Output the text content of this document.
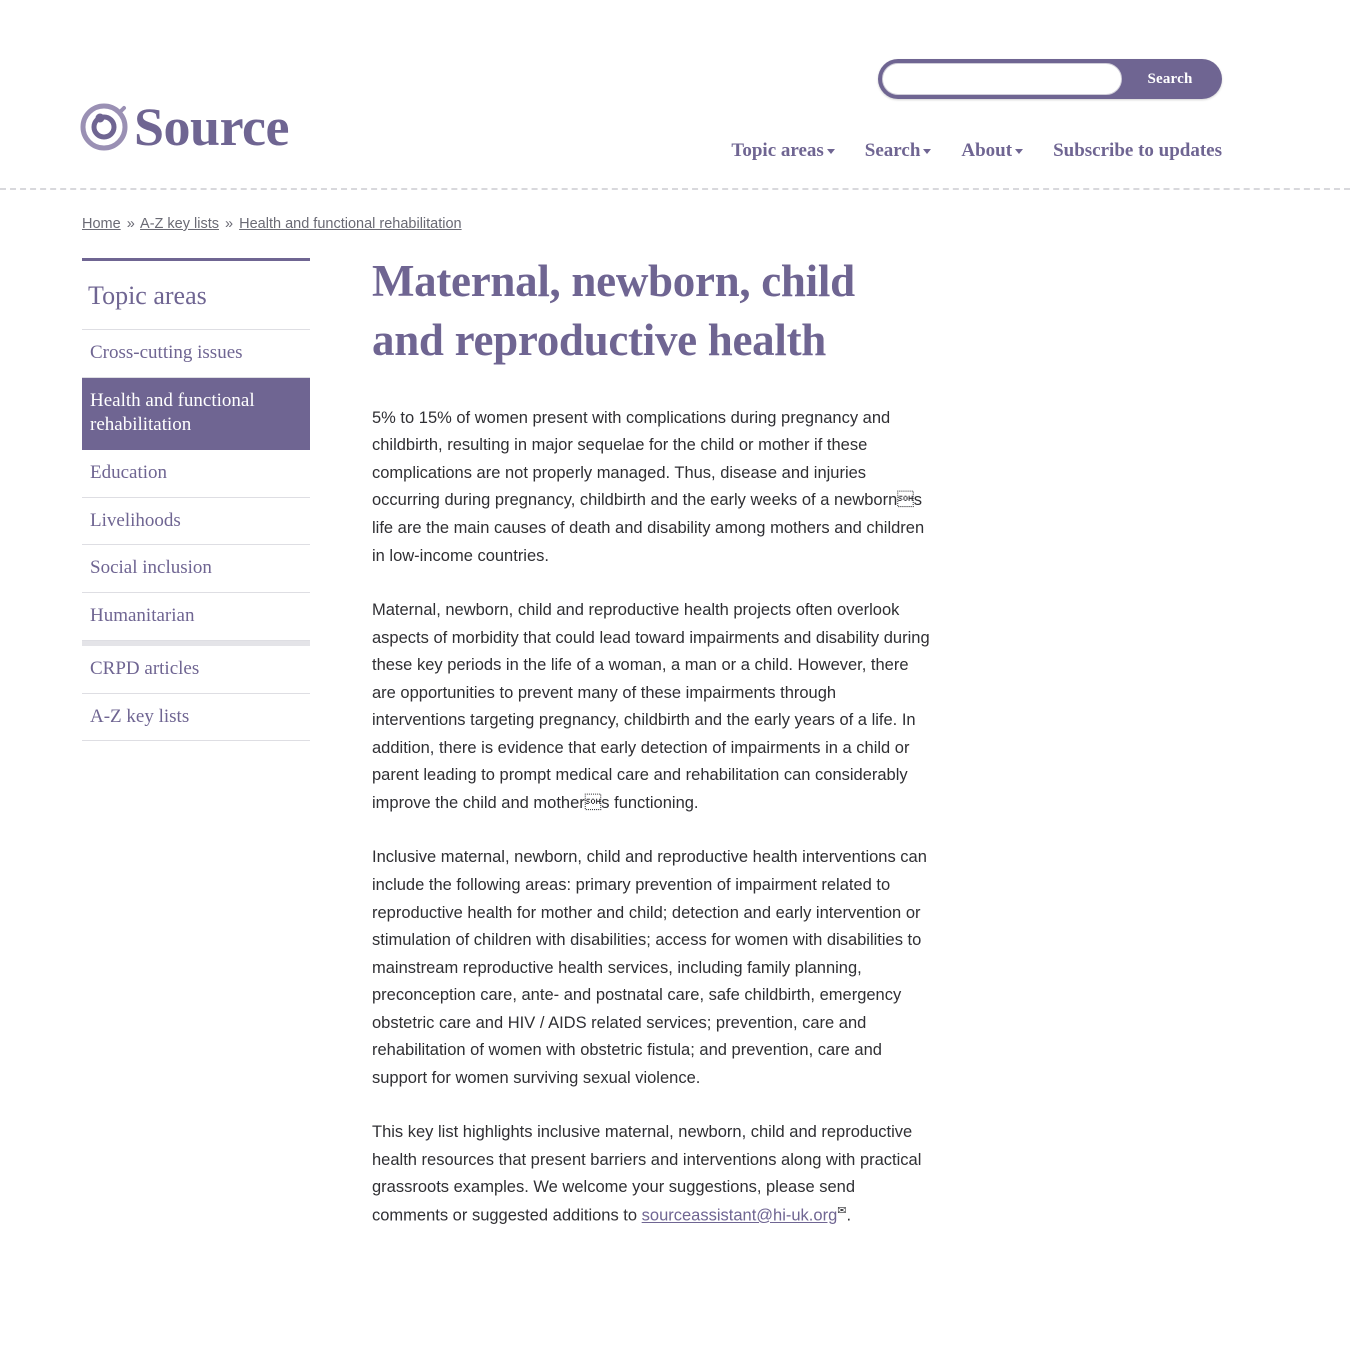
Search
Source	Topic areas	Search	About	Subscribe to updates
Home » A-Z key lists » Health and functional rehabilitation
Topic areas
Cross-cutting issues
Health and functional rehabilitation
Education
Livelihoods
Social inclusion
Humanitarian
CRPD articles
A-Z key lists
Maternal, newborn, child and reproductive health

5% to 15% of women present with complications during pregnancy and childbirth, resulting in major sequelae for the child or mother if these complications are not properly managed. Thus, disease and injuries occurring during pregnancy, childbirth and the early weeks of a newborns life are the main causes of death and disability among mothers and children in low-income countries.

Maternal, newborn, child and reproductive health projects often overlook aspects of morbidity that could lead toward impairments and disability during these key periods in the life of a woman, a man or a child. However, there are opportunities to prevent many of these impairments through interventions targeting pregnancy, childbirth and the early years of a life. In addition, there is evidence that early detection of impairments in a child or parent leading to prompt medical care and rehabilitation can considerably improve the child and mothers functioning.

Inclusive maternal, newborn, child and reproductive health interventions can include the following areas: primary prevention of impairment related to reproductive health for mother and child; detection and early intervention or stimulation of children with disabilities; access for women with disabilities to mainstream reproductive health services, including family planning, preconception care, ante- and postnatal care, safe childbirth, emergency obstetric care and HIV / AIDS related services; prevention, care and rehabilitation of women with obstetric fistula; and prevention, care and support for women surviving sexual violence.

This key list highlights inclusive maternal, newborn, child and reproductive health resources that present barriers and interventions along with practical grassroots examples. We welcome your suggestions, please send comments or suggested additions to sourceassistant@hi-uk.org✉.
